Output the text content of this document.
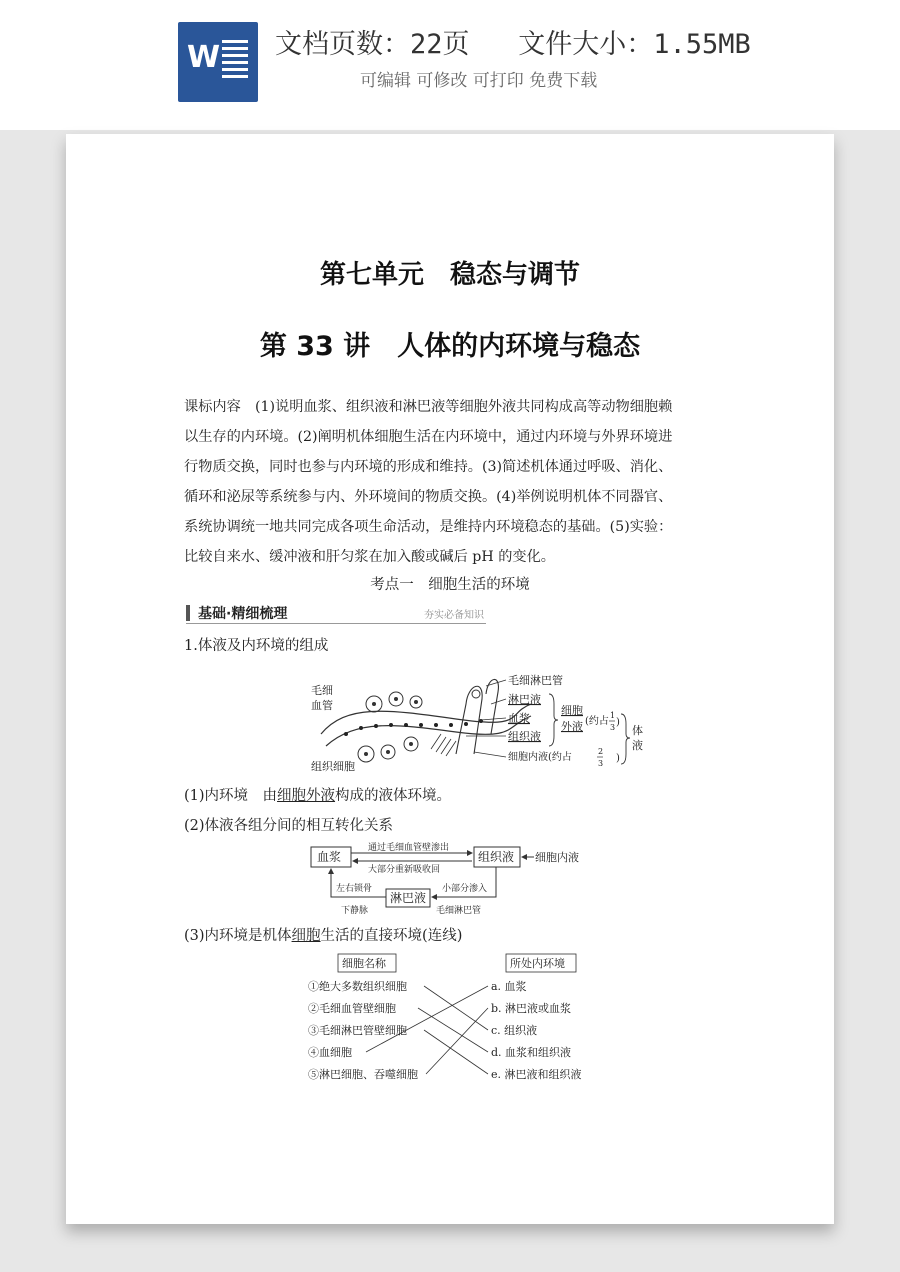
W 文档页数：22页   文件大小：1.55MB
可编辑 可修改 可打印 免费下载
第七单元　稳态与调节
第 33 讲　人体的内环境与稳态
课标内容　(1)说明血浆、组织液和淋巴液等细胞外液共同构成高等动物细胞赖
以生存的内环境。(2)阐明机体细胞生活在内环境中，通过内环境与外界环境进
行物质交换，同时也参与内环境的形成和维持。(3)简述机体通过呼吸、消化、
循环和泌尿等系统参与内、外环境间的物质交换。(4)举例说明机体不同器官、
系统协调统一地共同完成各项生命活动，是维持内环境稳态的基础。(5)实验：
比较自来水、缓冲液和肝匀浆在加入酸或碱后 pH 的变化。
考点一　细胞生活的环境
基础·精细梳理	夯实必备知识
1.体液及内环境的组成
毛细
血管
组织细胞
毛细淋巴管
淋巴液
血浆
组织液
细胞
外液 (约占
1
3
细胞内液(约占
2
3
)
)
体
液
(1)内环境　由细胞外液构成的液体环境。
(2)体液各组分间的相互转化关系
血浆	组织液
淋巴液
通过毛细血管壁渗出
大部分重新吸收回
细胞内液
左右锁骨
下静脉
小部分渗入
毛细淋巴管
(3)内环境是机体细胞生活的直接环境(连线)
细胞名称	所处内环境
①绝大多数组织细胞
②毛细血管壁细胞
③毛细淋巴管壁细胞
④血细胞
⑤淋巴细胞、吞噬细胞
a. 血浆
b. 淋巴液或血浆
c. 组织液
d. 血浆和组织液
e. 淋巴液和组织液
